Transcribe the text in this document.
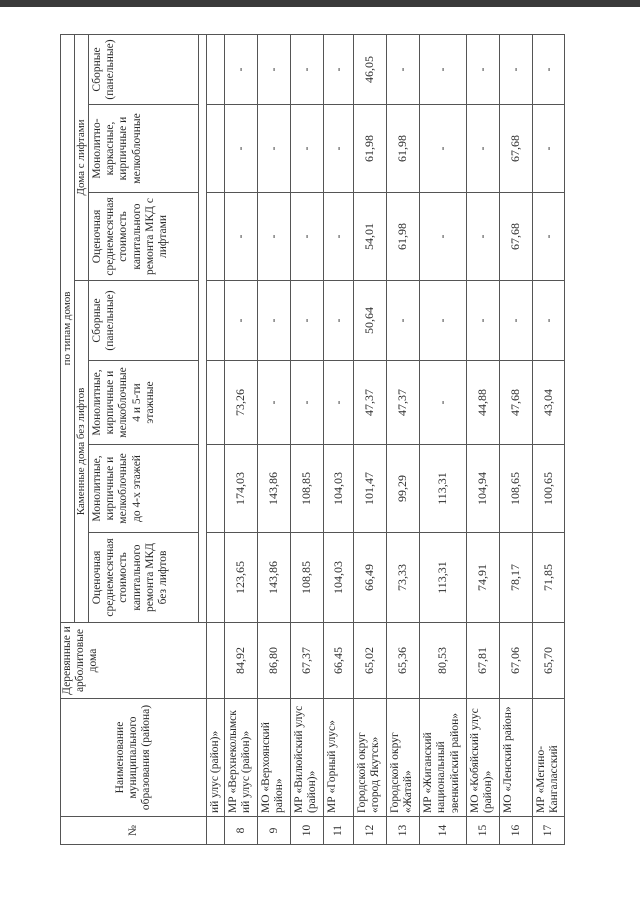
№	Наименование муниципального образования (района)	Деревянные и арболитовые дома	по типам домов						
			Каменные дома без лифтов				Дома с лифтами		
			Оценочная среднемесячная стоимость капитального ремонта МКД без лифтов	Монолитные, кирпичные и мелкоблочные до 4-х этажей	Монолитные, кирпичные и мелкоблочные 4 и 5-ти этажные	Сборные (панельные)	Оценочная среднемесячная стоимость капитального ремонта МКД с лифтами	Монолитно-каркасные, кирпичные и мелкоблочные	Сборные (панельные)

	ий улус (район)»								
8	МР «Верхнеколымск ий улус (район)»	84,92	123,65	174,03	73,26	-	-	-	-
9	МО «Верхоянский район»	86,80	143,86	143,86	-	-	-	-	-
10	МР «Вилюйский улус (район)»	67,37	108,85	108,85	-	-	-	-	-
11	МР «Горный улус»	66,45	104,03	104,03	-	-	-	-	-
12	Городской округ «город Якутск»	65,02	66,49	101,47	47,37	50,64	54,01	61,98	46,05
13	Городской округ «Жатай»	65,36	73,33	99,29	47,37	-	61,98	61,98	-
14	МР «Жиганский национальный эвенкийский район»	80,53	113,31	113,31	-	-	-	-	-
15	МО «Кобяйский улус (район)»	67,81	74,91	104,94	44,88	-	-	-	-
16	МО «Ленский район»	67,06	78,17	108,65	47,68	-	67,68	67,68	-
17	МР «Мегино-Кангаласский	65,70	71,85	100,65	43,04	-	-	-	-
